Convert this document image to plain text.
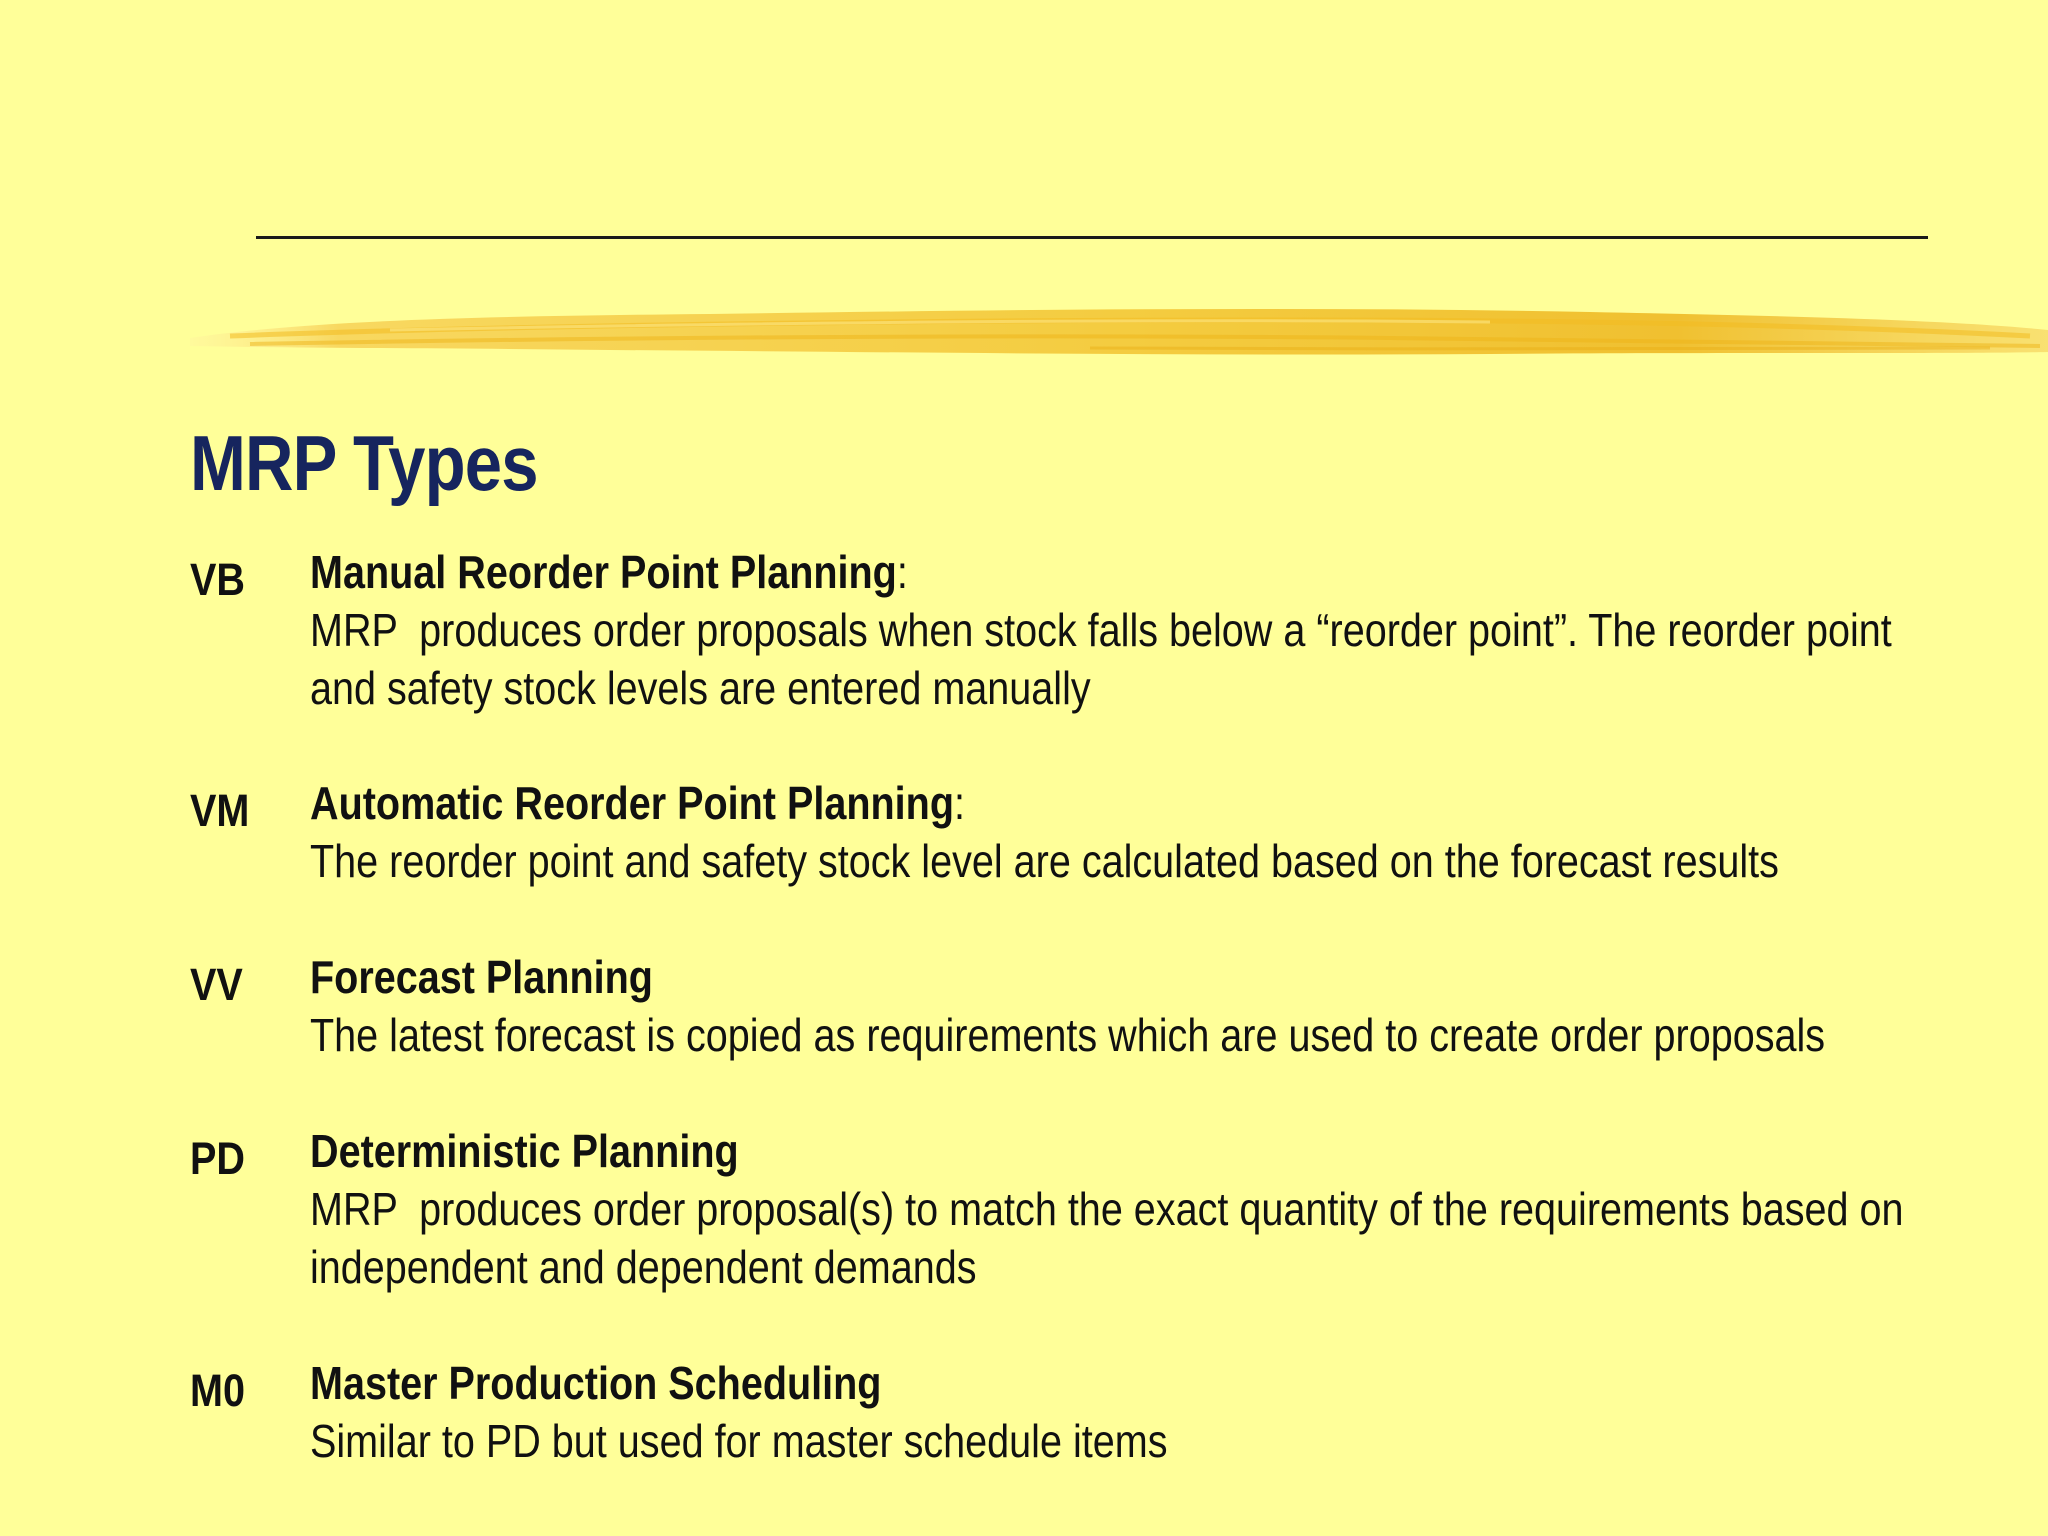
MRP Types
VB Manual Reorder Point Planning:
MRP  produces order proposals when stock falls below a “reorder point”. The reorder point
and safety stock levels are entered manually
VM Automatic Reorder Point Planning:
The reorder point and safety stock level are calculated based on the forecast results
VV Forecast Planning
The latest forecast is copied as requirements which are used to create order proposals
PD Deterministic Planning
MRP  produces order proposal(s) to match the exact quantity of the requirements based on
independent and dependent demands
M0 Master Production Scheduling
Similar to PD but used for master schedule items
